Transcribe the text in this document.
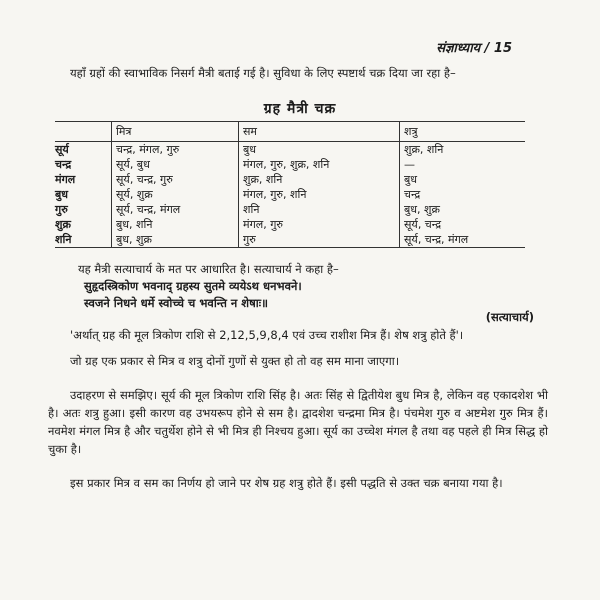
संज्ञाध्याय / 15
यहाँ ग्रहों की स्वाभाविक निसर्ग मैत्री बताई गई है। सुविधा के लिए स्पष्टार्थ चक्र दिया जा रहा है–
ग्रह मैत्री चक्र
	मित्र	सम	शत्रु
सूर्य	चन्द्र, मंगल, गुरु	बुध	शुक्र, शनि
चन्द्र	सूर्य, बुध	मंगल, गुरु, शुक्र, शनि	—
मंगल	सूर्य, चन्द्र, गुरु	शुक्र, शनि	बुध
बुध	सूर्य, शुक्र	मंगल, गुरु, शनि	चन्द्र
गुरु	सूर्य, चन्द्र, मंगल	शनि	बुध, शुक्र
शुक्र	बुध, शनि	मंगल, गुरु	सूर्य, चन्द्र
शनि	बुध, शुक्र	गुरु	सूर्य, चन्द्र, मंगल
यह मैत्री सत्याचार्य के मत पर आधारित है। सत्याचार्य ने कहा है–
सुहृदस्त्रिकोण भवनाद् ग्रहस्य सुतमे व्ययेऽथ धनभवने।
स्वजने निधने धर्मे स्वोच्चे च भवन्ति न शेषाः॥
(सत्याचार्य)
'अर्थात् ग्रह की मूल त्रिकोण राशि से 2,12,5,9,8,4 एवं उच्च राशीश मित्र हैं। शेष शत्रु होते हैं'।
जो ग्रह एक प्रकार से मित्र व शत्रु दोनों गुणों से युक्त हो तो वह सम माना जाएगा।
उदाहरण से समझिए। सूर्य की मूल त्रिकोण राशि सिंह है। अतः सिंह से द्वितीयेश बुध मित्र है, लेकिन वह एकादशेश भी है। अतः शत्रु हुआ। इसी कारण वह उभयरूप होने से सम है। द्वादशेश चन्द्रमा मित्र है। पंचमेश गुरु व अष्टमेश गुरु मित्र हैं। नवमेश मंगल मित्र है और चतुर्थेश होने से भी मित्र ही निश्चय हुआ। सूर्य का उच्चेश मंगल है तथा वह पहले ही मित्र सिद्ध हो चुका है।
इस प्रकार मित्र व सम का निर्णय हो जाने पर शेष ग्रह शत्रु होते हैं। इसी पद्धति से उक्त चक्र बनाया गया है।
